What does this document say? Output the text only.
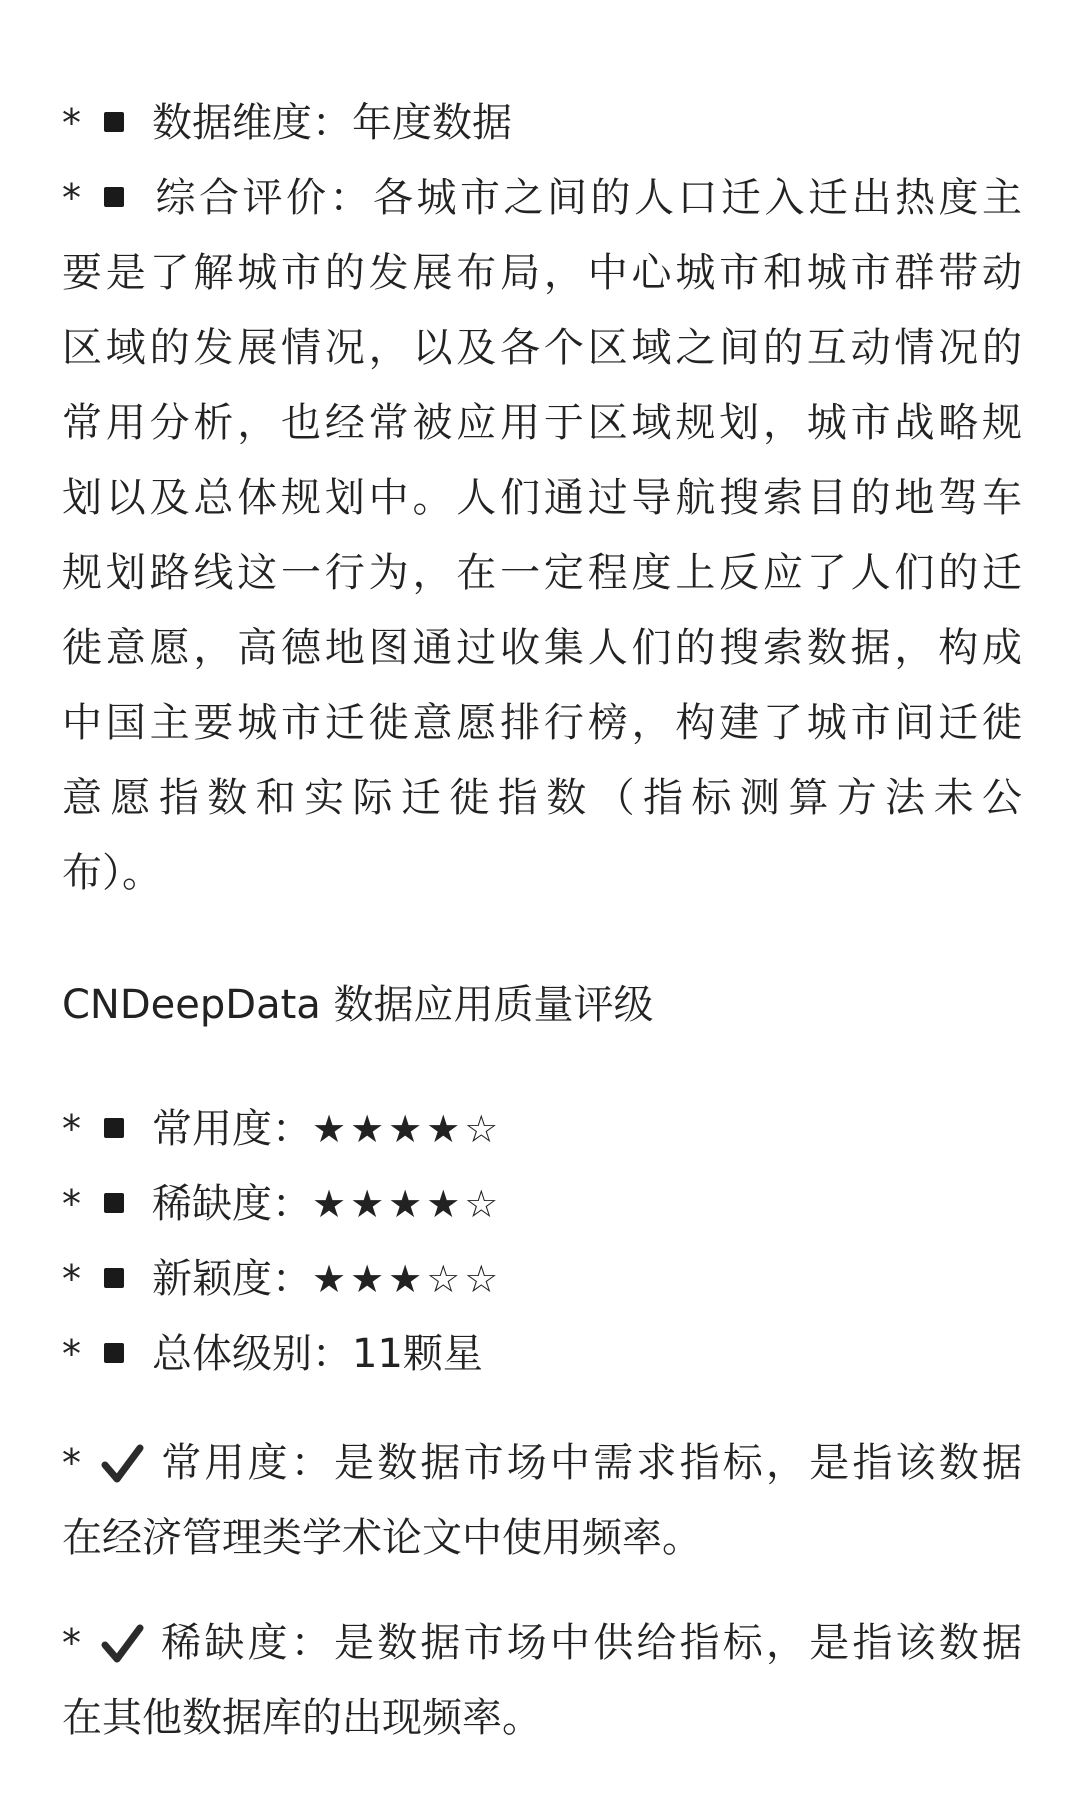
* 数据维度：年度数据
* 综合评价：各城市之间的人口迁入迁出热度主
要是了解城市的发展布局，中心城市和城市群带动
区域的发展情况，以及各个区域之间的互动情况的
常用分析，也经常被应用于区域规划，城市战略规
划以及总体规划中。人们通过导航搜索目的地驾车
规划路线这一行为，在一定程度上反应了人们的迁
徙意愿，高德地图通过收集人们的搜索数据，构成
中国主要城市迁徙意愿排行榜，构建了城市间迁徙
意愿指数和实际迁徙指数（指标测算方法未公
布）。
CNDeepData 数据应用质量评级
* 常用度：★★★★☆
* 稀缺度：★★★★☆
* 新颖度：★★★☆☆
* 总体级别：11颗星
* 常用度：是数据市场中需求指标，是指该数据
在经济管理类学术论文中使用频率。
* 稀缺度：是数据市场中供给指标，是指该数据
在其他数据库的出现频率。
